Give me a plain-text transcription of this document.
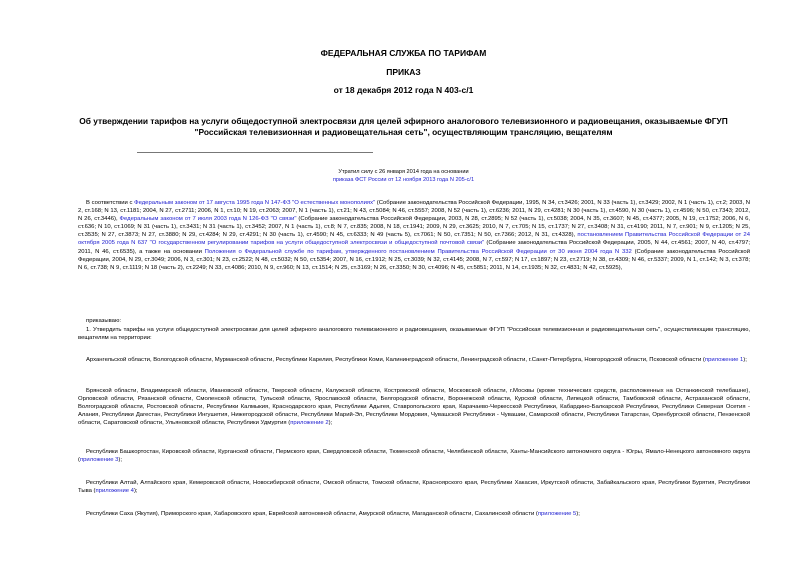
ФЕДЕРАЛЬНАЯ СЛУЖБА ПО ТАРИФАМ
ПРИКАЗ
от 18 декабря 2012 года N 403-с/1
Об утверждении тарифов на услуги общедоступной электросвязи для целей эфирного аналогового телевизионного и радиовещания, оказываемые ФГУП
"Российская телевизионная и радиовещательная сеть", осуществляющим трансляцию, вещателям
Утратил силу с 26 января 2014 года на основании
приказа ФСТ России от 12 ноября 2013 года N 205-с/1
В соответствии с Федеральным законом от 17 августа 1995 года N 147-ФЗ "О естественных монополиях" (Собрание законодательства Российской Федерации, 1995, N 34, ст.3426; 2001, N 33 (часть 1), ст.3429; 2002, N 1 (часть 1), ст.2; 2003, N 2, ст.168; N 13, ст.1181; 2004, N 27, ст.2711; 2006, N 1, ст.10; N 19, ст.2063; 2007, N 1 (часть 1), ст.21; N 43, ст.5084; N 46, ст.5557; 2008, N 52 (часть 1), ст.6236; 2011, N 29, ст.4281; N 30 (часть 1), ст.4590, N 30 (часть 1), ст.4596; N 50, ст.7343; 2012, N 26, ст.3446), Федеральным законом от 7 июля 2003 года N 126-ФЗ "О связи" (Собрание законодательства Российской Федерации, 2003, N 28, ст.2895; N 52 (часть 1), ст.5038; 2004, N 35, ст.3607; N 45, ст.4377; 2005, N 19, ст.1752; 2006, N 6, ст.636; N 10, ст.1069; N 31 (часть 1), ст.3431; N 31 (часть 1), ст.3452; 2007, N 1 (часть 1), ст.8; N 7, ст.835; 2008, N 18, ст.1941; 2009, N 29, ст.3625; 2010, N 7, ст.705; N 15, ст.1737; N 27, ст.3408; N 31, ст.4190; 2011, N 7, ст.901; N 9, ст.1205; N 25, ст.3535; N 27, ст.3873; N 27, ст.3880; N 29, ст.4284; N 29, ст.4291; N 30 (часть 1), ст.4590; N 45, ст.6333; N 49 (часть 5), ст.7061; N 50, ст.7351; N 50, ст.7366; 2012, N 31, ст.4328), постановлением Правительства Российской Федерации от 24 октября 2005 года N 637 "О государственном регулировании тарифов на услуги общедоступной электросвязи и общедоступной почтовой связи" (Собрание законодательства Российской Федерации, 2005, N 44, ст.4561; 2007, N 40, ст.4797; 2011, N 46, ст.6535), а также на основании Положения о Федеральной службе по тарифам, утвержденного постановлением Правительства Российской Федерации от 30 июня 2004 года N 332 (Собрание законодательства Российской Федерации, 2004, N 29, ст.3049; 2006, N 3, ст.301; N 23, ст.2522; N 48, ст.5032; N 50, ст.5354; 2007, N 16, ст.1912; N 25, ст.3039; N 32, ст.4145; 2008, N 7, ст.597; N 17, ст.1897; N 23, ст.2719; N 38, ст.4309; N 46, ст.5337; 2009, N 1, ст.142; N 3, ст.378; N 6, ст.738; N 9, ст.1119; N 18 (часть 2), ст.2249; N 33, ст.4086; 2010, N 9, ст.960; N 13, ст.1514; N 25, ст.3169; N 26, ст.3350; N 30, ст.4096; N 45, ст.5851; 2011, N 14, ст.1935; N 32, ст.4831; N 42, ст.5925),
приказываю:
1. Утвердить тарифы на услуги общедоступной электросвязи для целей эфирного аналогового телевизионного и радиовещания, оказываемые ФГУП "Российская телевизионная и радиовещательная сеть", осуществляющим трансляцию, вещателям на территории:
Архангельской области, Вологодской области, Мурманской области, Республики Карелия, Республики Коми, Калининградской области, Ленинградской области, г.Санкт-Петербурга, Новгородской области, Псковской области (приложение 1);
Брянской области, Владимирской области, Ивановской области, Тверской области, Калужской области, Костромской области, Московской области, г.Москвы (кроме технических средств, расположенных на Останкинской телебашне), Орловской области, Рязанской области, Смоленской области, Тульской области, Ярославской области, Белгородской области, Воронежской области, Курской области, Липецкой области, Тамбовской области, Астраханской области, Волгоградской области, Ростовской области, Республики Калмыкия, Краснодарского края, Республики Адыгея, Ставропольского края, Карачаево-Черкесской Республики, Кабардино-Балкарской Республики, Республики Северная Осетия - Алания, Республики Дагестан, Республики Ингушетия, Нижегородской области, Республики Марий-Эл, Республики Мордовия, Чувашской Республики - Чувашии, Самарской области, Республики Татарстан, Оренбургской области, Пензенской области, Саратовской области, Ульяновской области, Республики Удмуртия (приложение 2);
Республики Башкортостан, Кировской области, Курганской области, Пермского края, Свердловской области, Тюменской области, Челябинской области, Ханты-Мансийского автономного округа - Югры, Ямало-Ненецкого автономного округа (приложение 3);
Республики Алтай, Алтайского края, Кемеровской области, Новосибирской области, Омской области, Томской области, Красноярского края, Республики Хакасия, Иркутской области, Забайкальского края, Республики Бурятия, Республики Тыва (приложение 4);
Республики Саха (Якутия), Приморского края, Хабаровского края, Еврейской автономной области, Амурской области, Магаданской области, Сахалинской области (приложение 5);
